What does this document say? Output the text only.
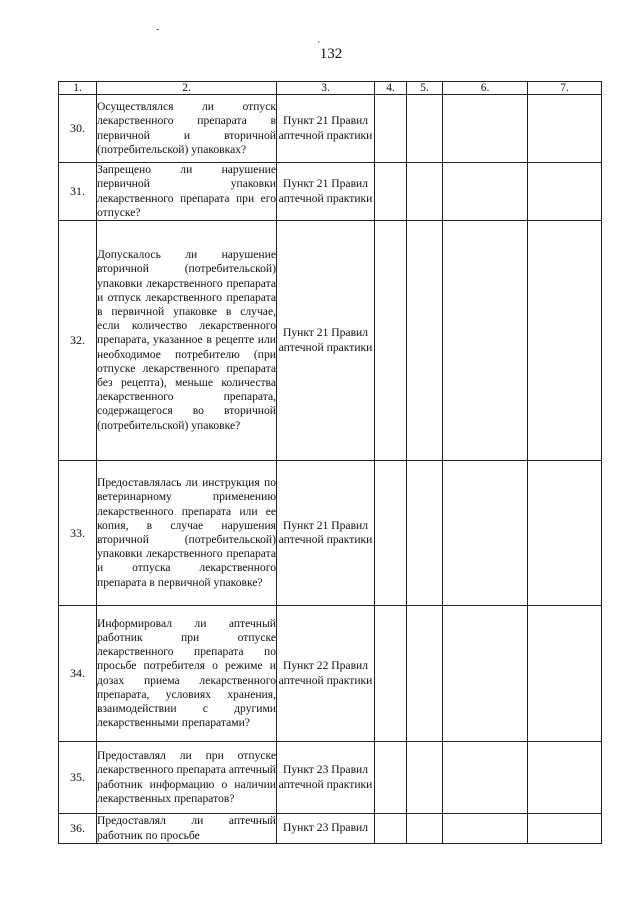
132
-
'
1.	2.	3.	4.	5.	6.	7.
30.	Осуществлялся ли отпуск лекарственного препарата в первичной и вторичной (потребительской) упаковках?	Пункт 21 Правил аптечной практики				
31.	Запрещено ли нарушение первичной упаковки лекарственного препарата при его отпуске?	Пункт 21 Правил аптечной практики				
32.	Допускалось ли нарушение вторичной (потребительской) упаковки лекарственного препарата и отпуск лекарственного препарата в первичной упаковке в случае, если количество лекарственного препарата, указанное в рецепте или необходимое потребителю (при отпуске лекарственного препарата без рецепта), меньше количества лекарственного препарата, содержащегося во вторичной (потребительской) упаковке?	Пункт 21 Правил аптечной практики				
33.	Предоставлялась ли инструкция по ветеринарному применению лекарственного препарата или ее копия, в случае нарушения вторичной (потребительской) упаковки лекарственного препарата и отпуска лекарственного препарата в первичной упаковке?	Пункт 21 Правил аптечной практики				
34.	Информировал ли аптечный работник при отпуске лекарственного препарата по просьбе потребителя о режиме и дозах приема лекарственного препарата, условиях хранения, взаимодействии с другими лекарственными препаратами?	Пункт 22 Правил аптечной практики				
35.	Предоставлял ли при отпуске лекарственного препарата аптечный работник информацию о наличии лекарственных препаратов?	Пункт 23 Правил аптечной практики				
36.	Предоставлял ли аптечный работник по просьбе	Пункт 23 Правил				
